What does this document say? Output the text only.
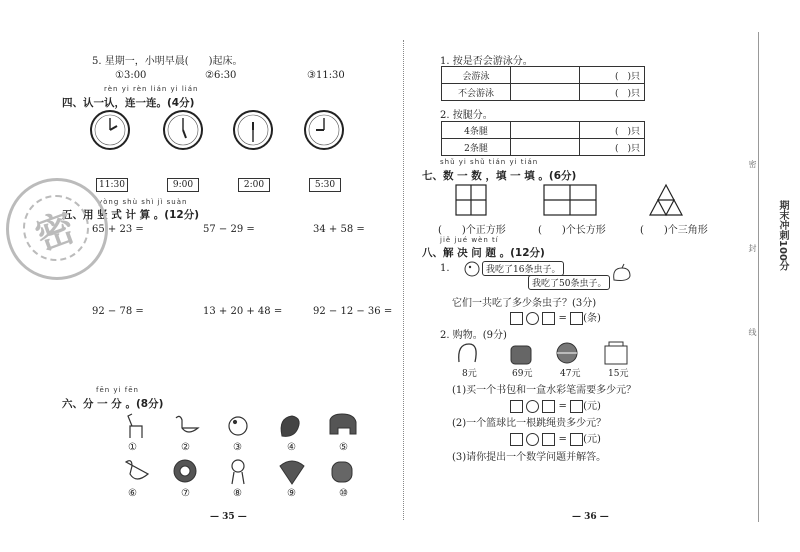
5. 星期一，小明早晨(　　)起床。
①3:00	②6:30	③11:30
rèn yi rèn lián yi lián
四、认一认，连一连。(4分)
11:30	9:00	2:00	5:30
yòng shù shì jì suàn
五、用 竖 式 计 算 。(12分)
65 + 23 =	57 − 29 =	34 + 58 =
92 − 78 =	13 + 20 + 48 =	92 − 12 − 36 =
fēn yi fēn
六、分 一 分 。(8分)
①	②	③	④	⑤
⑥	⑦	⑧	⑨	⑩
— 35 —
密
1. 按是否会游泳分。
会游泳		(　)只
不会游泳		(　)只
2. 按腿分。
4条腿		(　)只
2条腿		(　)只
shǔ yi shǔ tián yi tián
七、数 一 数 ，填 一 填 。(6分)
(　　)个正方形	(　　)个长方形	(　　)个三角形
jiě jué wèn tí
八、解 决 问 题 。(12分)
1.	我吃了16条虫子。
我吃了50条虫子。
它们一共吃了多少条虫子？(3分)
= (条)
2. 购物。(9分)
8元	69元	47元	15元
(1)买一个书包和一盒水彩笔需要多少元？
= (元)
(2)一个篮球比一根跳绳贵多少元？
= (元)
(3)请你提出一个数学问题并解答。
— 36 —
期末冲刺100分
密　　封　　线
